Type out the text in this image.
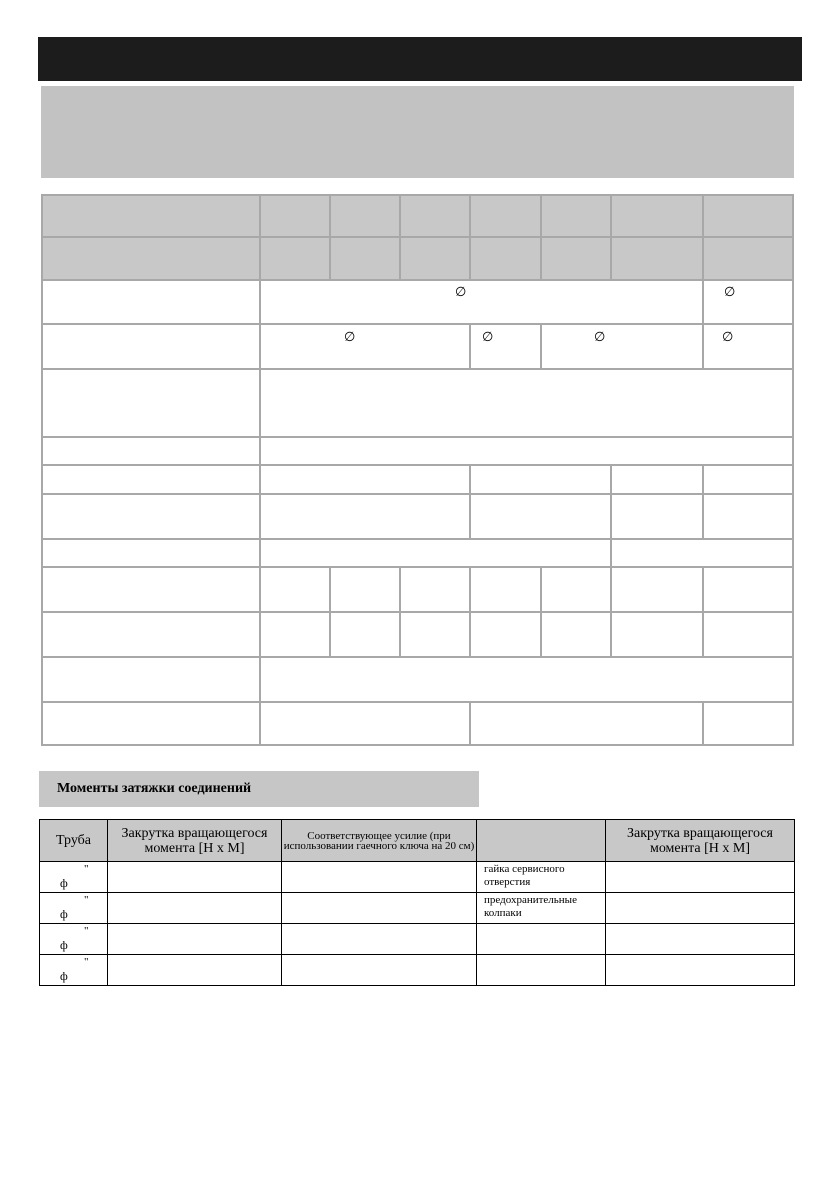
∅	∅
∅	∅	∅	∅
Моменты затяжки соединений
Труба	Закрутка вращающегося момента [Н x М]	Соответствующее усилие (при использовании гаечного ключа на 20 см)		Закрутка вращающегося момента [Н x М]

"
ф			гайка сервисного отверстия	

"
ф			предохранительные колпаки	

"
ф				

"
ф				
